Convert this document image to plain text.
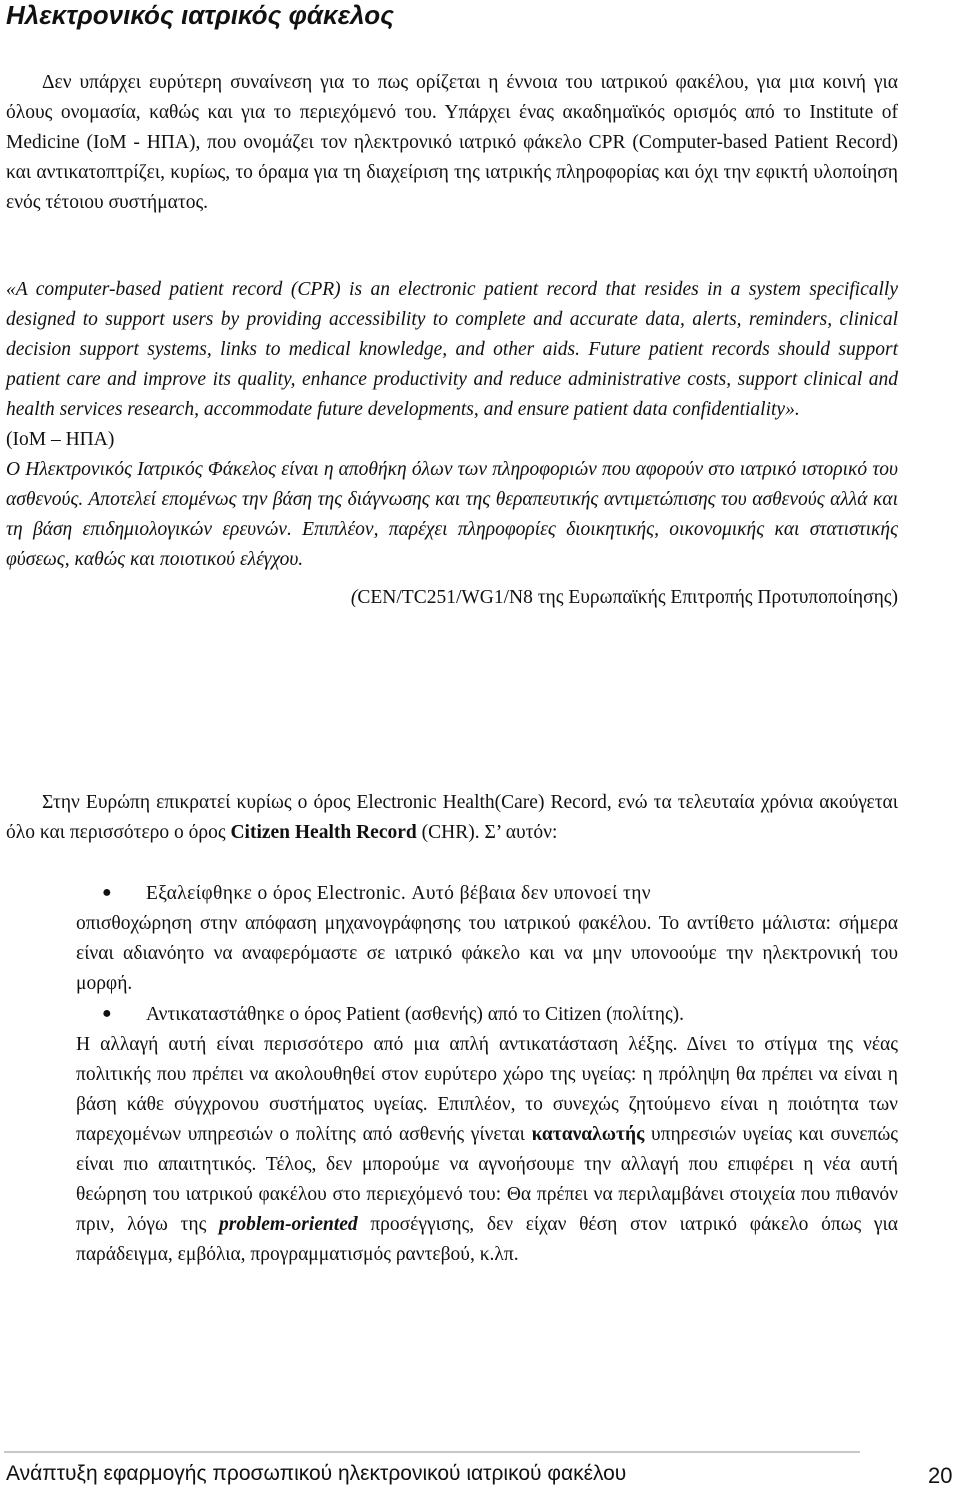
Ηλεκτρονικός ιατρικός φάκελος

Δεν υπάρχει ευρύτερη συναίνεση για το πως ορίζεται η έννοια του ιατρικού φακέλου, για μια κοινή για όλους ονομασία, καθώς και για το περιεχόμενό του. Υπάρχει ένας ακαδημαϊκός ορισμός από το Institute of Medicine (IoM - ΗΠΑ), που ονομάζει τον ηλεκτρονικό ιατρικό φάκελο CPR (Computer-based Patient Record) και αντικατοπτρίζει, κυρίως, το όραμα για τη διαχείριση της ιατρικής πληροφορίας και όχι την εφικτή υλοποίηση ενός τέτοιου συστήματος.

«A computer-based patient record (CPR) is an electronic patient record that resides in a system specifically designed to support users by providing accessibility to complete and accurate data, alerts, reminders, clinical decision support systems, links to medical knowledge, and other aids. Future patient records should support patient care and improve its quality, enhance productivity and reduce administrative costs, support clinical and health services research, accommodate future developments, and ensure patient data confidentiality».

(IoM – ΗΠΑ)

Ο Ηλεκτρονικός Ιατρικός Φάκελος είναι η αποθήκη όλων των πληροφοριών που αφορούν στο ιατρικό ιστορικό του ασθενούς. Αποτελεί επομένως την βάση της διάγνωσης και της θεραπευτικής αντιμετώπισης του ασθενούς αλλά και τη βάση επιδημιολογικών ερευνών. Επιπλέον, παρέχει πληροφορίες διοικητικής, οικονομικής και στατιστικής φύσεως, καθώς και ποιοτικού ελέγχου.

(CEN/TC251/WG1/N8 της Ευρωπαϊκής Επιτροπής Προτυποποίησης)

Στην Ευρώπη επικρατεί κυρίως ο όρος Electronic Health(Care) Record, ενώ τα τελευταία χρόνια ακούγεται όλο και περισσότερο ο όρος Citizen Health Record (CHR). Σ’ αυτόν:

● Εξαλείφθηκε ο όρος Electronic. Αυτό βέβαια δεν υπονοεί την
οπισθοχώρηση στην απόφαση μηχανογράφησης του ιατρικού φακέλου. Το αντίθετο μάλιστα: σήμερα είναι αδιανόητο να αναφερόμαστε σε ιατρικό φάκελο και να μην υπονοούμε την ηλεκτρονική του μορφή.
● Αντικαταστάθηκε ο όρος Patient (ασθενής) από το Citizen (πολίτης).
Η αλλαγή αυτή είναι περισσότερο από μια απλή αντικατάσταση λέξης. Δίνει το στίγμα της νέας πολιτικής που πρέπει να ακολουθηθεί στον ευρύτερο χώρο της υγείας: η πρόληψη θα πρέπει να είναι η βάση κάθε σύγχρονου συστήματος υγείας. Επιπλέον, το συνεχώς ζητούμενο είναι η ποιότητα των παρεχομένων υπηρεσιών ο πολίτης από ασθενής γίνεται καταναλωτής υπηρεσιών υγείας και συνεπώς είναι πιο απαιτητικός. Τέλος, δεν μπορούμε να αγνοήσουμε την αλλαγή που επιφέρει η νέα αυτή θεώρηση του ιατρικού φακέλου στο περιεχόμενό του: Θα πρέπει να περιλαμβάνει στοιχεία που πιθανόν πριν, λόγω της problem-oriented προσέγγισης, δεν είχαν θέση στον ιατρικό φάκελο όπως για παράδειγμα, εμβόλια, προγραμματισμός ραντεβού, κ.λπ.
Ανάπτυξη εφαρμογής προσωπικού ηλεκτρονικού ιατρικού φακέλου	20
